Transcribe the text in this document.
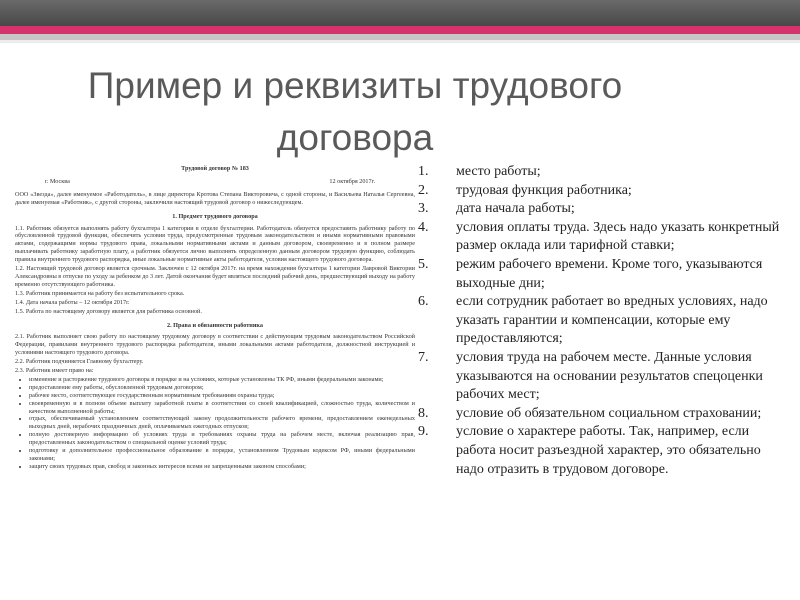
Пример и реквизиты трудового договора
Трудовой договор № 183
г. Москва	12 октября 2017г.
ООО «Звезда», далее именуемое «Работодатель», в лице директора Кротова Степана Викторовича, с одной стороны, и Васильева Наталья Сергеевна, далее именуемая «Работник», с другой стороны, заключили настоящий трудовой договор о нижеследующем.
1. Предмет трудового договора
1.1. Работник обязуется выполнять работу бухгалтера 1 категории в отделе бухгалтерии. Работодатель обязуется предоставить работнику работу по обусловленной трудовой функции, обеспечить условия труда, предусмотренные трудовым законодательством и иными нормативными правовыми актами, содержащими нормы трудового права, локальными нормативными актами и данным договором, своевременно и в полном размере выплачивать работнику заработную плату, а работник обязуется лично выполнять определенную данным договором трудовую функцию, соблюдать правила внутреннего трудового распорядка, иные локальные нормативные акты работодателя, условия настоящего трудового договора.
1.2. Настоящий трудовой договор является срочным. Заключен с 12 октября 2017г. на время нахождения бухгалтера 1 категории Лавровой Виктории Александровны в отпуске по уходу за ребенком до 3 лет. Датой окончания будет являться последний рабочий день, предшествующий выходу на работу временно отсутствующего работника.
1.3. Работник принимается на работу без испытательного срока.
1.4. Дата начала работы – 12 октября 2017г.
1.5. Работа по настоящему договору является для работника основной.
2. Права и обязанности работника
2.1. Работник выполняет свою работу по настоящему трудовому договору в соответствии с действующим трудовым законодательством Российской Федерации, правилами внутреннего трудового распорядка работодателя, иными локальными актами работодателя, должностной инструкцией и условиями настоящего трудового договора.
2.2. Работник подчиняется Главному бухгалтеру.
2.3. Работник имеет право на:
• изменение и расторжение трудового договора в порядке и на условиях, которые установлены ТК РФ, иными федеральными законами;
• предоставление ему работы, обусловленной трудовым договором;
• рабочее место, соответствующее государственным нормативным требованиям охраны труда;
• своевременную и в полном объеме выплату заработной платы в соответствии со своей квалификацией, сложностью труда, количеством и качеством выполненной работы;
• отдых, обеспечиваемый установлением соответствующей закону продолжительности рабочего времени, предоставлением еженедельных выходных дней, нерабочих праздничных дней, оплачиваемых ежегодных отпусков;
• полную достоверную информацию об условиях труда и требованиях охраны труда на рабочем месте, включая реализацию прав, предоставленных законодательством о специальной оценке условий труда;
• подготовку и дополнительное профессиональное образование в порядке, установленном Трудовым кодексом РФ, иными федеральными законами;
• защиту своих трудовых прав, свобод и законных интересов всеми не запрещенными законом способами;
1. место работы;
2. трудовая функция работника;
3. дата начала работы;
4. условия оплаты труда. Здесь надо указать конкретный размер оклада или тарифной ставки;
5. режим рабочего времени. Кроме того, указываются выходные дни;
6. если сотрудник работает во вредных условиях, надо указать гарантии и компенсации, которые ему предоставляются;
7. условия труда на рабочем месте. Данные условия указываются на основании результатов спецоценки рабочих мест;
8. условие об обязательном социальном страховании;
9. условие о характере работы. Так, например, если работа носит разъездной характер, это обязательно надо отразить в трудовом договоре.
